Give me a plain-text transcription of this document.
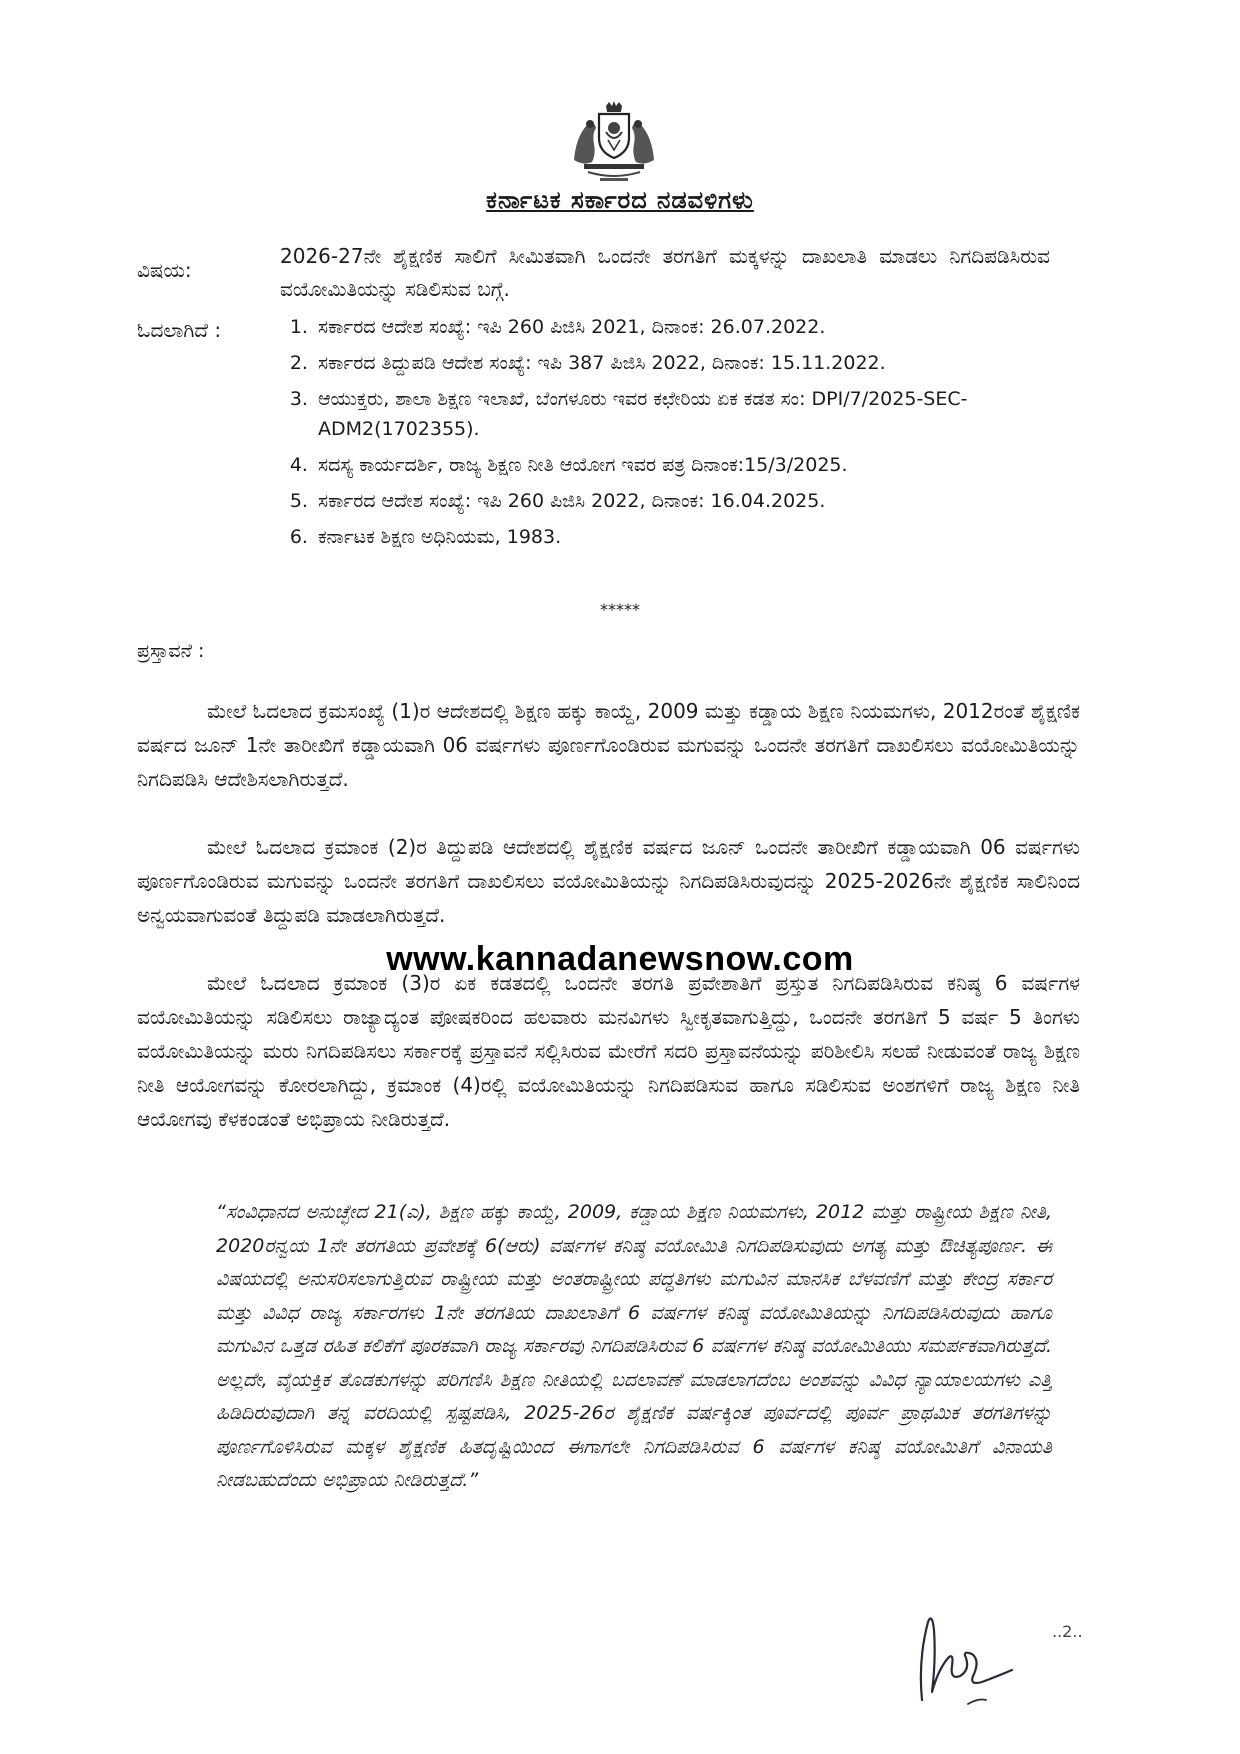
ಕರ್ನಾಟಕ ಸರ್ಕಾರದ ನಡವಳಿಗಳು
ವಿಷಯ:
2026-27ನೇ ಶೈಕ್ಷಣಿಕ ಸಾಲಿಗೆ ಸೀಮಿತವಾಗಿ ಒಂದನೇ ತರಗತಿಗೆ ಮಕ್ಕಳನ್ನು ದಾಖಲಾತಿ ಮಾಡಲು ನಿಗದಿಪಡಿಸಿರುವ ವಯೋಮಿತಿಯನ್ನು ಸಡಿಲಿಸುವ ಬಗ್ಗೆ.
ಓದಲಾಗಿದೆ :
1.	ಸರ್ಕಾರದ ಆದೇಶ ಸಂಖ್ಯೆ: ಇಪಿ 260 ಪಿಜಿಸಿ 2021, ದಿನಾಂಕ: 26.07.2022.
2. ಸರ್ಕಾರದ ತಿದ್ದುಪಡಿ ಆದೇಶ ಸಂಖ್ಯೆ: ಇಪಿ 387 ಪಿಜಿಸಿ 2022, ದಿನಾಂಕ: 15.11.2022.
3. ಆಯುಕ್ತರು, ಶಾಲಾ ಶಿಕ್ಷಣ ಇಲಾಖೆ, ಬೆಂಗಳೂರು ಇವರ ಕಛೇರಿಯ ಏಕ ಕಡತ ಸಂ: DPI/7/2025-SEC-ADM2(1702355).
4. ಸದಸ್ಯ ಕಾರ್ಯದರ್ಶಿ, ರಾಜ್ಯ ಶಿಕ್ಷಣ ನೀತಿ ಆಯೋಗ ಇವರ ಪತ್ರ ದಿನಾಂಕ:15/3/2025.
5. ಸರ್ಕಾರದ ಆದೇಶ ಸಂಖ್ಯೆ: ಇಪಿ 260 ಪಿಜಿಸಿ 2022, ದಿನಾಂಕ: 16.04.2025.
6. ಕರ್ನಾಟಕ ಶಿಕ್ಷಣ ಅಧಿನಿಯಮ, 1983.
*****
ಪ್ರಸ್ತಾವನೆ :

ಮೇಲೆ ಓದಲಾದ ಕ್ರಮಸಂಖ್ಯೆ (1)ರ ಆದೇಶದಲ್ಲಿ ಶಿಕ್ಷಣ ಹಕ್ಕು ಕಾಯ್ದೆ, 2009 ಮತ್ತು ಕಡ್ಡಾಯ ಶಿಕ್ಷಣ ನಿಯಮಗಳು, 2012ರಂತೆ ಶೈಕ್ಷಣಿಕ ವರ್ಷದ ಜೂನ್ 1ನೇ ತಾರೀಖಿಗೆ ಕಡ್ಡಾಯವಾಗಿ 06 ವರ್ಷಗಳು ಪೂರ್ಣಗೊಂಡಿರುವ ಮಗುವನ್ನು ಒಂದನೇ ತರಗತಿಗೆ ದಾಖಲಿಸಲು ವಯೋಮಿತಿಯನ್ನು ನಿಗದಿಪಡಿಸಿ ಆದೇಶಿಸಲಾಗಿರುತ್ತದೆ.

ಮೇಲೆ ಓದಲಾದ ಕ್ರಮಾಂಕ (2)ರ ತಿದ್ದುಪಡಿ ಆದೇಶದಲ್ಲಿ ಶೈಕ್ಷಣಿಕ ವರ್ಷದ ಜೂನ್ ಒಂದನೇ ತಾರೀಖಿಗೆ ಕಡ್ಡಾಯವಾಗಿ 06 ವರ್ಷಗಳು ಪೂರ್ಣಗೊಂಡಿರುವ ಮಗುವನ್ನು ಒಂದನೇ ತರಗತಿಗೆ ದಾಖಲಿಸಲು ವಯೋಮಿತಿಯನ್ನು ನಿಗದಿಪಡಿಸಿರುವುದನ್ನು 2025-2026ನೇ ಶೈಕ್ಷಣಿಕ ಸಾಲಿನಿಂದ ಅನ್ವಯವಾಗುವಂತೆ ತಿದ್ದುಪಡಿ ಮಾಡಲಾಗಿರುತ್ತದೆ.

ಮೇಲೆ ಓದಲಾದ ಕ್ರಮಾಂಕ (3)ರ ಏಕ ಕಡತದಲ್ಲಿ ಒಂದನೇ ತರಗತಿ ಪ್ರವೇಶಾತಿಗೆ ಪ್ರಸ್ತುತ ನಿಗದಿಪಡಿಸಿರುವ ಕನಿಷ್ಠ 6 ವರ್ಷಗಳ ವಯೋಮಿತಿಯನ್ನು ಸಡಿಲಿಸಲು ರಾಜ್ಯಾದ್ಯಂತ ಪೋಷಕರಿಂದ ಹಲವಾರು ಮನವಿಗಳು ಸ್ವೀಕೃತವಾಗುತ್ತಿದ್ದು, ಒಂದನೇ ತರಗತಿಗೆ 5 ವರ್ಷ 5 ತಿಂಗಳು ವಯೋಮಿತಿಯನ್ನು ಮರು ನಿಗದಿಪಡಿಸಲು ಸರ್ಕಾರಕ್ಕೆ ಪ್ರಸ್ತಾವನೆ ಸಲ್ಲಿಸಿರುವ ಮೇರೆಗೆ ಸದರಿ ಪ್ರಸ್ತಾವನೆಯನ್ನು ಪರಿಶೀಲಿಸಿ ಸಲಹೆ ನೀಡುವಂತೆ ರಾಜ್ಯ ಶಿಕ್ಷಣ ನೀತಿ ಆಯೋಗವನ್ನು ಕೋರಲಾಗಿದ್ದು, ಕ್ರಮಾಂಕ (4)ರಲ್ಲಿ ವಯೋಮಿತಿಯನ್ನು ನಿಗದಿಪಡಿಸುವ ಹಾಗೂ ಸಡಿಲಿಸುವ ಅಂಶಗಳಿಗೆ ರಾಜ್ಯ ಶಿಕ್ಷಣ ನೀತಿ ಆಯೋಗವು ಕೆಳಕಂಡಂತೆ ಅಭಿಪ್ರಾಯ ನೀಡಿರುತ್ತದೆ.

“ಸಂವಿಧಾನದ ಅನುಚ್ಛೇದ 21(ಎ), ಶಿಕ್ಷಣ ಹಕ್ಕು ಕಾಯ್ದೆ, 2009, ಕಡ್ಡಾಯ ಶಿಕ್ಷಣ ನಿಯಮಗಳು, 2012 ಮತ್ತು ರಾಷ್ಟ್ರೀಯ ಶಿಕ್ಷಣ ನೀತಿ, 2020ರನ್ವಯ 1ನೇ ತರಗತಿಯ ಪ್ರವೇಶಕ್ಕೆ 6(ಆರು) ವರ್ಷಗಳ ಕನಿಷ್ಠ ವಯೋಮಿತಿ ನಿಗದಿಪಡಿಸುವುದು ಅಗತ್ಯ ಮತ್ತು ಔಚಿತ್ಯಪೂರ್ಣ. ಈ ವಿಷಯದಲ್ಲಿ ಅನುಸರಿಸಲಾಗುತ್ತಿರುವ ರಾಷ್ಟ್ರೀಯ ಮತ್ತು ಅಂತರಾಷ್ಟ್ರೀಯ ಪದ್ಧತಿಗಳು ಮಗುವಿನ ಮಾನಸಿಕ ಬೆಳವಣಿಗೆ ಮತ್ತು ಕೇಂದ್ರ ಸರ್ಕಾರ ಮತ್ತು ವಿವಿಧ ರಾಜ್ಯ ಸರ್ಕಾರಗಳು 1ನೇ ತರಗತಿಯ ದಾಖಲಾತಿಗೆ 6 ವರ್ಷಗಳ ಕನಿಷ್ಠ ವಯೋಮಿತಿಯನ್ನು ನಿಗದಿಪಡಿಸಿರುವುದು ಹಾಗೂ ಮಗುವಿನ ಒತ್ತಡ ರಹಿತ ಕಲಿಕೆಗೆ ಪೂರಕವಾಗಿ ರಾಜ್ಯ ಸರ್ಕಾರವು ನಿಗದಿಪಡಿಸಿರುವ 6 ವರ್ಷಗಳ ಕನಿಷ್ಠ ವಯೋಮಿತಿಯು ಸಮರ್ಪಕವಾಗಿರುತ್ತದೆ. ಅಲ್ಲದೇ, ವೈಯಕ್ತಿಕ ತೊಡಕುಗಳನ್ನು ಪರಿಗಣಿಸಿ ಶಿಕ್ಷಣ ನೀತಿಯಲ್ಲಿ ಬದಲಾವಣೆ ಮಾಡಲಾಗದೆಂಬ ಅಂಶವನ್ನು ವಿವಿಧ ನ್ಯಾಯಾಲಯಗಳು ಎತ್ತಿ ಹಿಡಿದಿರುವುದಾಗಿ ತನ್ನ ವರದಿಯಲ್ಲಿ ಸ್ಪಷ್ಟಪಡಿಸಿ, 2025-26ರ ಶೈಕ್ಷಣಿಕ ವರ್ಷಕ್ಕಿಂತ ಪೂರ್ವದಲ್ಲಿ ಪೂರ್ವ ಪ್ರಾಥಮಿಕ ತರಗತಿಗಳನ್ನು ಪೂರ್ಣಗೊಳಿಸಿರುವ ಮಕ್ಕಳ ಶೈಕ್ಷಣಿಕ ಹಿತದೃಷ್ಟಿಯಿಂದ ಈಗಾಗಲೇ ನಿಗದಿಪಡಿಸಿರುವ 6 ವರ್ಷಗಳ ಕನಿಷ್ಠ ವಯೋಮಿತಿಗೆ ವಿನಾಯತಿ ನೀಡಬಹುದೆಂದು ಅಭಿಪ್ರಾಯ ನೀಡಿರುತ್ತದೆ.”

www.kannadanewsnow.com
..2..
